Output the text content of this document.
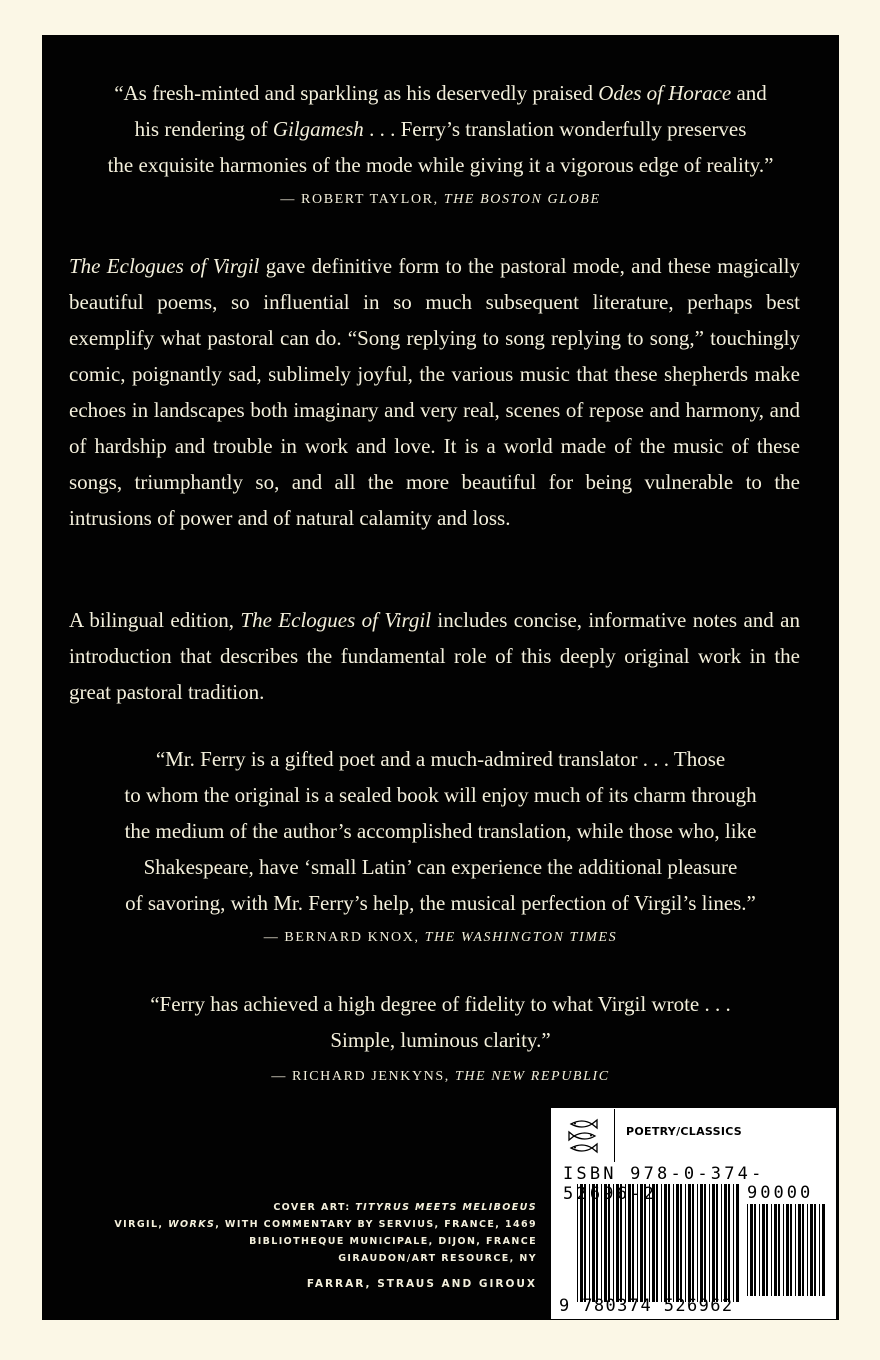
“As fresh-minted and sparkling as his deservedly praised Odes of Horace and
his rendering of Gilgamesh . . . Ferry’s translation wonderfully preserves
the exquisite harmonies of the mode while giving it a vigorous edge of reality.”
— ROBERT TAYLOR, THE BOSTON GLOBE
The Eclogues of Virgil gave definitive form to the pastoral mode, and these magically beautiful poems, so influential in so much subsequent literature, perhaps best exemplify what pastoral can do. “Song replying to song replying to song,” touchingly comic, poignantly sad, sublimely joyful, the various music that these shepherds make echoes in landscapes both imaginary and very real, scenes of repose and harmony, and of hardship and trouble in work and love. It is a world made of the music of these songs, triumphantly so, and all the more beautiful for being vulnerable to the intrusions of power and of natural calamity and loss.
A bilingual edition, The Eclogues of Virgil includes concise, informative notes and an introduction that describes the fundamental role of this deeply original work in the great pastoral tradition.
“Mr. Ferry is a gifted poet and a much-admired translator . . . Those
to whom the original is a sealed book will enjoy much of its charm through
the medium of the author’s accomplished translation, while those who, like
Shakespeare, have ‘small Latin’ can experience the additional pleasure
of savoring, with Mr. Ferry’s help, the musical perfection of Virgil’s lines.”
— BERNARD KNOX, THE WASHINGTON TIMES
“Ferry has achieved a high degree of fidelity to what Virgil wrote . . .
Simple, luminous clarity.”
— RICHARD JENKYNS, THE NEW REPUBLIC
COVER ART: TITYRUS MEETS MELIBOEUS
VIRGIL, WORKS, WITH COMMENTARY BY SERVIUS, FRANCE, 1469
BIBLIOTHEQUE MUNICIPALE, DIJON, FRANCE
GIRAUDON/ART RESOURCE, NY
FARRAR, STRAUS AND GIROUX
POETRY/CLASSICS
ISBN 978-0-374-52696-2	90000
9 780374 526962
